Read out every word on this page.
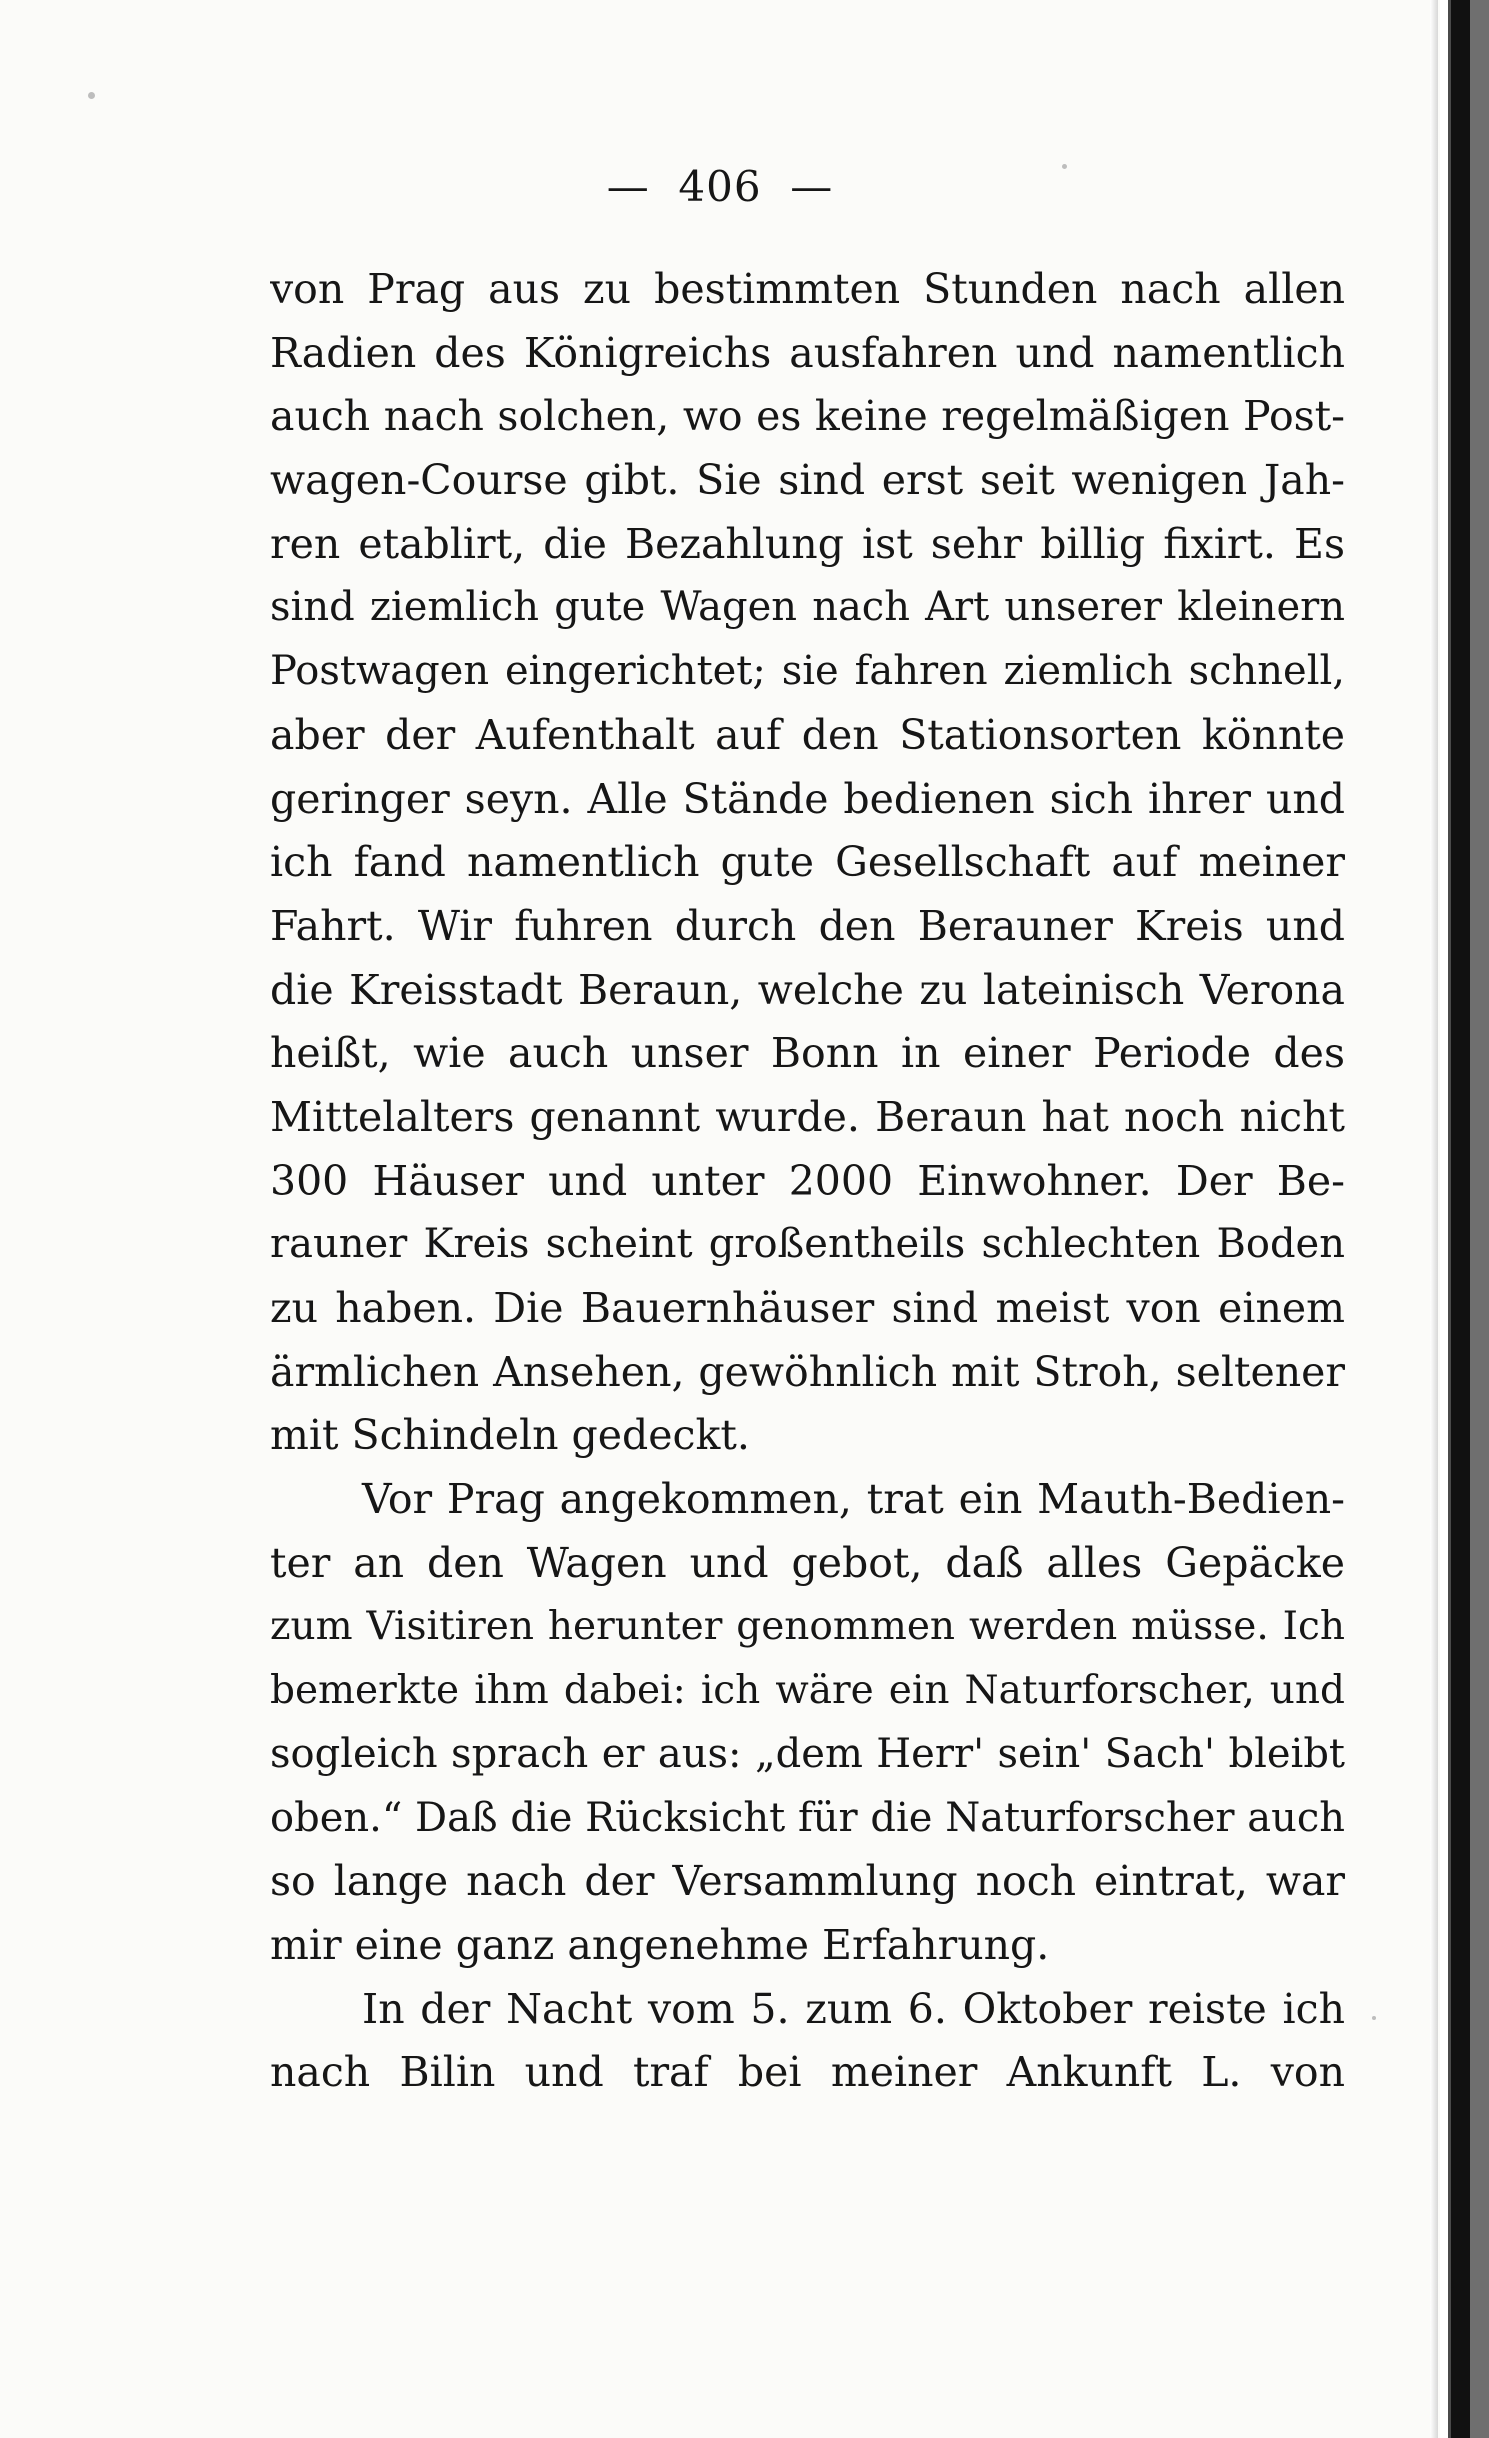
—  406  —
von Prag aus zu bestimmten Stunden nach allen
Radien des Königreichs ausfahren und namentlich
auch nach solchen, wo es keine regelmäßigen Post-
wagen-Course gibt. Sie sind erst seit wenigen Jah-
ren etablirt, die Bezahlung ist sehr billig fixirt. Es
sind ziemlich gute Wagen nach Art unserer kleinern
Postwagen eingerichtet; sie fahren ziemlich schnell,
aber der Aufenthalt auf den Stationsorten könnte
geringer seyn. Alle Stände bedienen sich ihrer und
ich fand namentlich gute Gesellschaft auf meiner
Fahrt. Wir fuhren durch den Berauner Kreis und
die Kreisstadt Beraun, welche zu lateinisch Verona
heißt, wie auch unser Bonn in einer Periode des
Mittelalters genannt wurde. Beraun hat noch nicht
300 Häuser und unter 2000 Einwohner. Der Be-
rauner Kreis scheint großentheils schlechten Boden
zu haben. Die Bauernhäuser sind meist von einem
ärmlichen Ansehen, gewöhnlich mit Stroh, seltener
mit Schindeln gedeckt.
Vor Prag angekommen, trat ein Mauth-Bedien-
ter an den Wagen und gebot, daß alles Gepäcke
zum Visitiren herunter genommen werden müsse. Ich
bemerkte ihm dabei: ich wäre ein Naturforscher, und
sogleich sprach er aus: „dem Herr' sein' Sach' bleibt
oben.“ Daß die Rücksicht für die Naturforscher auch
so lange nach der Versammlung noch eintrat, war
mir eine ganz angenehme Erfahrung.
In der Nacht vom 5. zum 6. Oktober reiste ich
nach Bilin und traf bei meiner Ankunft L. von
